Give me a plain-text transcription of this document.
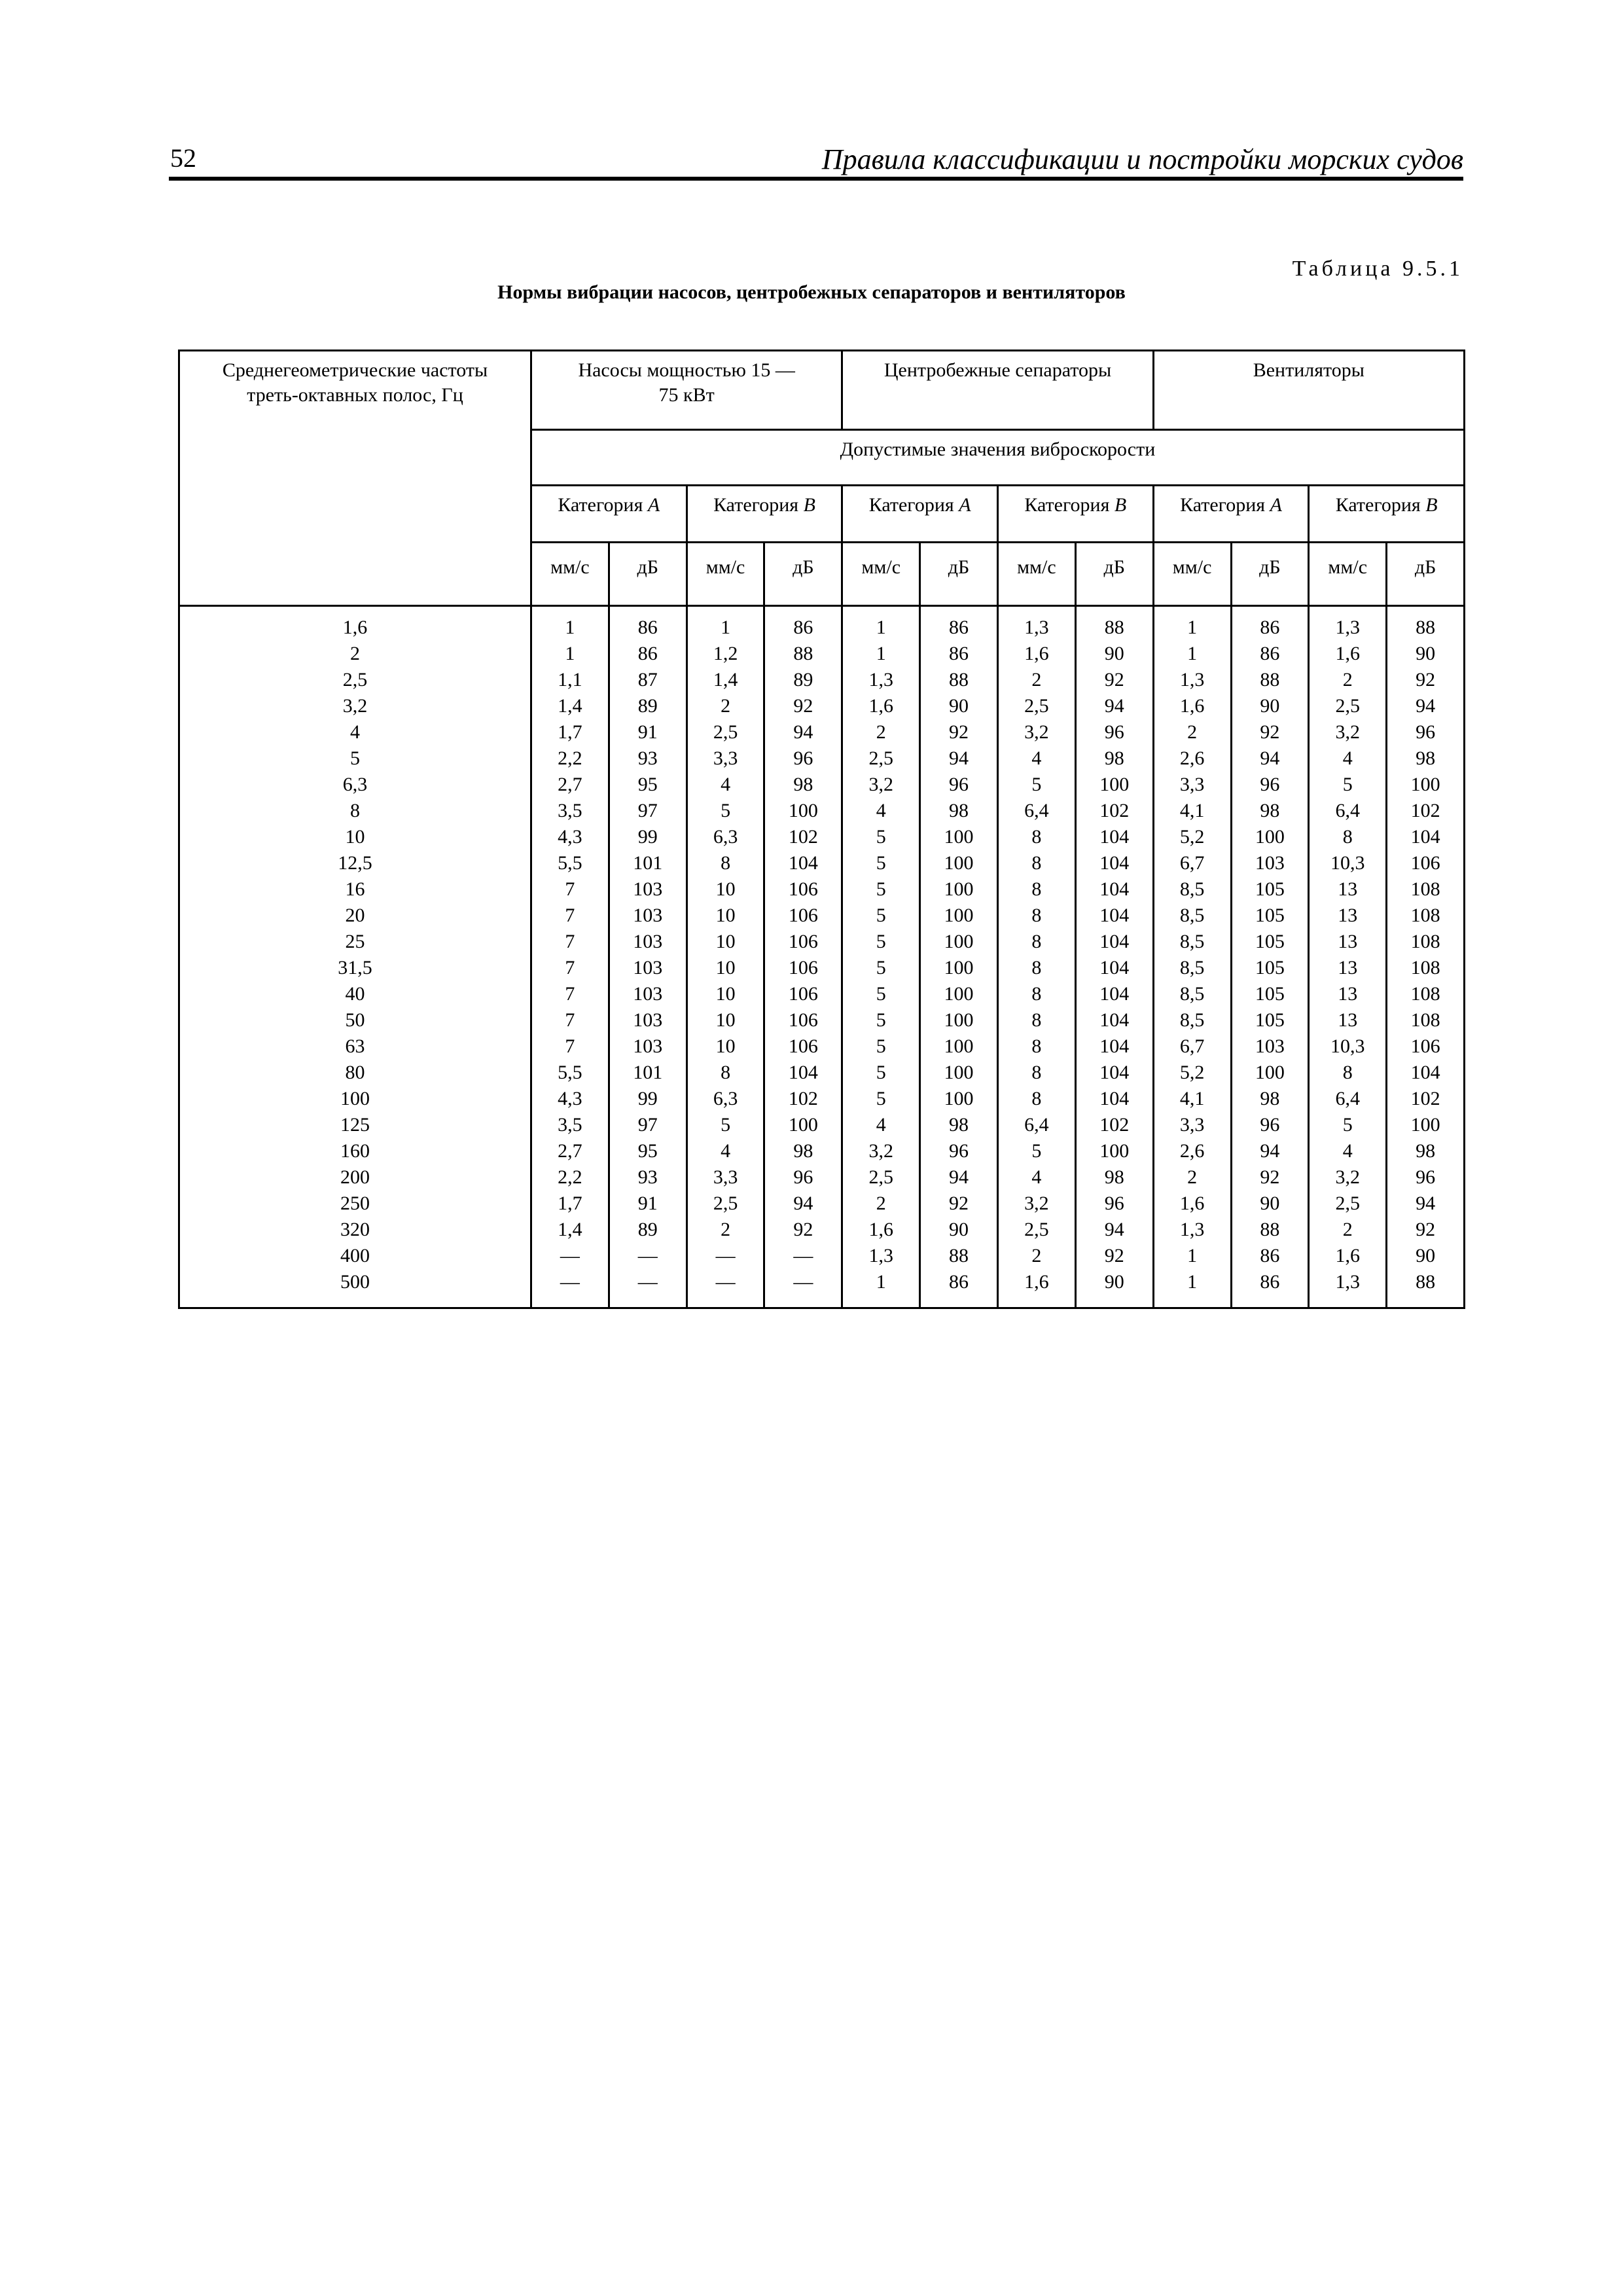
52	Правила классификации и постройки морских судов
Таблица 9.5.1
Нормы вибрации насосов, центробежных сепараторов и вентиляторов
Среднегеометрические частоты треть-октавных полос, Гц	Насосы мощностью 15 — 75 кВт				Центробежные сепараторы				Вентиляторы			
	Допустимые значения виброскорости											
	Категория A		Категория B		Категория A		Категория B		Категория A		Категория B	
	мм/с	дБ	мм/с	дБ	мм/с	дБ	мм/с	дБ	мм/с	дБ	мм/с	дБ
1,6	1	86	1	86	1	86	1,3	88	1	86	1,3	88
2	1	86	1,2	88	1	86	1,6	90	1	86	1,6	90
2,5	1,1	87	1,4	89	1,3	88	2	92	1,3	88	2	92
3,2	1,4	89	2	92	1,6	90	2,5	94	1,6	90	2,5	94
4	1,7	91	2,5	94	2	92	3,2	96	2	92	3,2	96
5	2,2	93	3,3	96	2,5	94	4	98	2,6	94	4	98
6,3	2,7	95	4	98	3,2	96	5	100	3,3	96	5	100
8	3,5	97	5	100	4	98	6,4	102	4,1	98	6,4	102
10	4,3	99	6,3	102	5	100	8	104	5,2	100	8	104
12,5	5,5	101	8	104	5	100	8	104	6,7	103	10,3	106
16	7	103	10	106	5	100	8	104	8,5	105	13	108
20	7	103	10	106	5	100	8	104	8,5	105	13	108
25	7	103	10	106	5	100	8	104	8,5	105	13	108
31,5	7	103	10	106	5	100	8	104	8,5	105	13	108
40	7	103	10	106	5	100	8	104	8,5	105	13	108
50	7	103	10	106	5	100	8	104	8,5	105	13	108
63	7	103	10	106	5	100	8	104	6,7	103	10,3	106
80	5,5	101	8	104	5	100	8	104	5,2	100	8	104
100	4,3	99	6,3	102	5	100	8	104	4,1	98	6,4	102
125	3,5	97	5	100	4	98	6,4	102	3,3	96	5	100
160	2,7	95	4	98	3,2	96	5	100	2,6	94	4	98
200	2,2	93	3,3	96	2,5	94	4	98	2	92	3,2	96
250	1,7	91	2,5	94	2	92	3,2	96	1,6	90	2,5	94
320	1,4	89	2	92	1,6	90	2,5	94	1,3	88	2	92
400	—	—	—	—	1,3	88	2	92	1	86	1,6	90
500	—	—	—	—	1	86	1,6	90	1	86	1,3	88
